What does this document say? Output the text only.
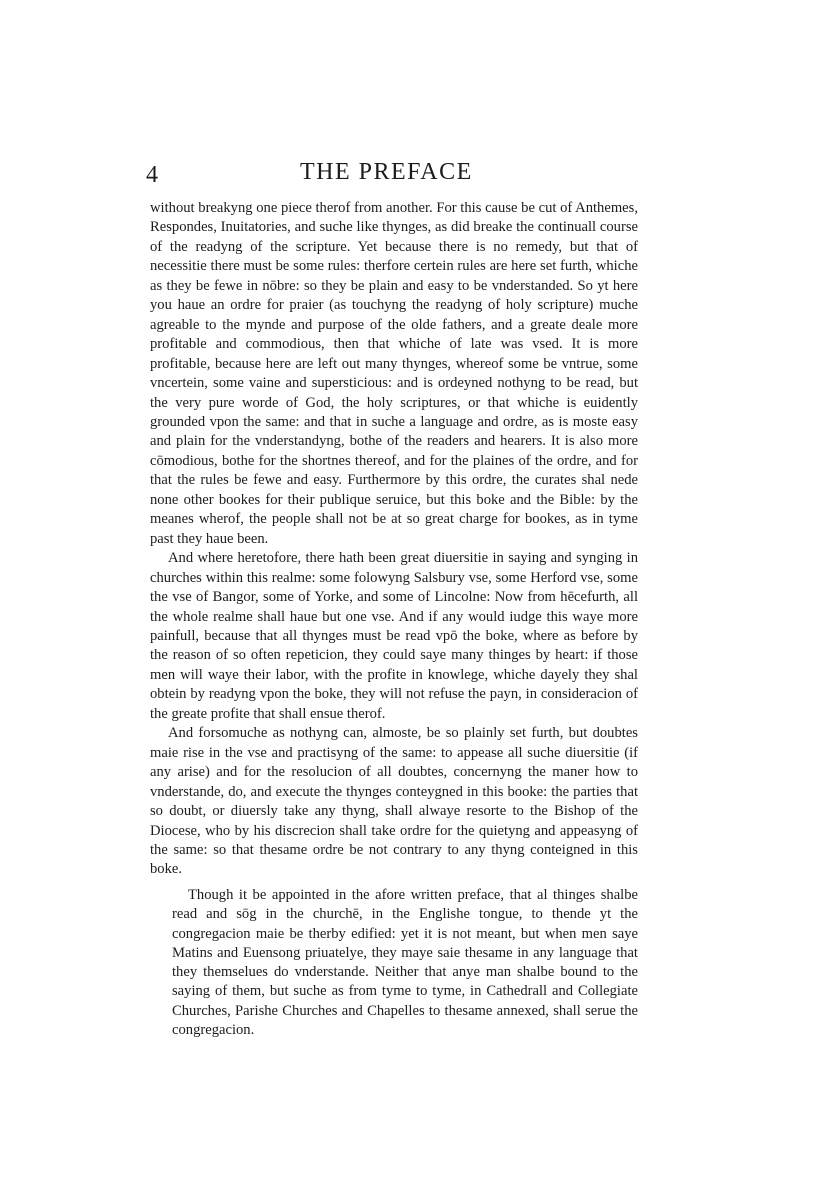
4	THE PREFACE

without breakyng one piece therof from another. For this cause be cut of Anthemes, Respondes, Inuitatories, and suche like thynges, as did breake the continuall course of the readyng of the scripture. Yet because there is no remedy, but that of necessitie there must be some rules: therfore certein rules are here set furth, whiche as they be fewe in nōbre: so they be plain and easy to be vnderstanded. So yt here you haue an ordre for praier (as touchyng the readyng of holy scripture) muche agreable to the mynde and purpose of the olde fathers, and a greate deale more profitable and commodious, then that whiche of late was vsed. It is more profitable, because here are left out many thynges, whereof some be vntrue, some vncertein, some vaine and supersticious: and is ordeyned nothyng to be read, but the very pure worde of God, the holy scriptures, or that whiche is euidently grounded vpon the same: and that in suche a language and ordre, as is moste easy and plain for the vnderstandyng, bothe of the readers and hearers. It is also more cōmodious, bothe for the shortnes thereof, and for the plaines of the ordre, and for that the rules be fewe and easy. Furthermore by this ordre, the curates shal nede none other bookes for their publique seruice, but this boke and the Bible: by the meanes wherof, the people shall not be at so great charge for bookes, as in tyme past they haue been.

And where heretofore, there hath been great diuersitie in saying and synging in churches within this realme: some folowyng Salsbury vse, some Herford vse, some the vse of Bangor, some of Yorke, and some of Lincolne: Now from hēcefurth, all the whole realme shall haue but one vse. And if any would iudge this waye more painfull, because that all thynges must be read vpō the boke, where as before by the reason of so often repeticion, they could saye many thinges by heart: if those men will waye their labor, with the profite in knowlege, whiche dayely they shal obtein by readyng vpon the boke, they will not refuse the payn, in consideracion of the greate profite that shall ensue therof.

And forsomuche as nothyng can, almoste, be so plainly set furth, but doubtes maie rise in the vse and practisyng of the same: to appease all suche diuersitie (if any arise) and for the resolucion of all doubtes, concernyng the maner how to vnderstande, do, and execute the thynges conteygned in this booke: the parties that so doubt, or diuersly take any thyng, shall alwaye resorte to the Bishop of the Diocese, who by his discrecion shall take ordre for the quietyng and appeasyng of the same: so that thesame ordre be not contrary to any thyng conteigned in this boke.

Though it be appointed in the afore written preface, that al thinges shalbe read and sōg in the churchē, in the Englishe tongue, to thende yt the congregacion maie be therby edified: yet it is not meant, but when men saye Matins and Euensong priuatelye, they maye saie thesame in any language that they themselues do vnderstande. Neither that anye man shalbe bound to the saying of them, but suche as from tyme to tyme, in Cathedrall and Collegiate Churches, Parishe Churches and Chapelles to thesame annexed, shall serue the congregacion.
